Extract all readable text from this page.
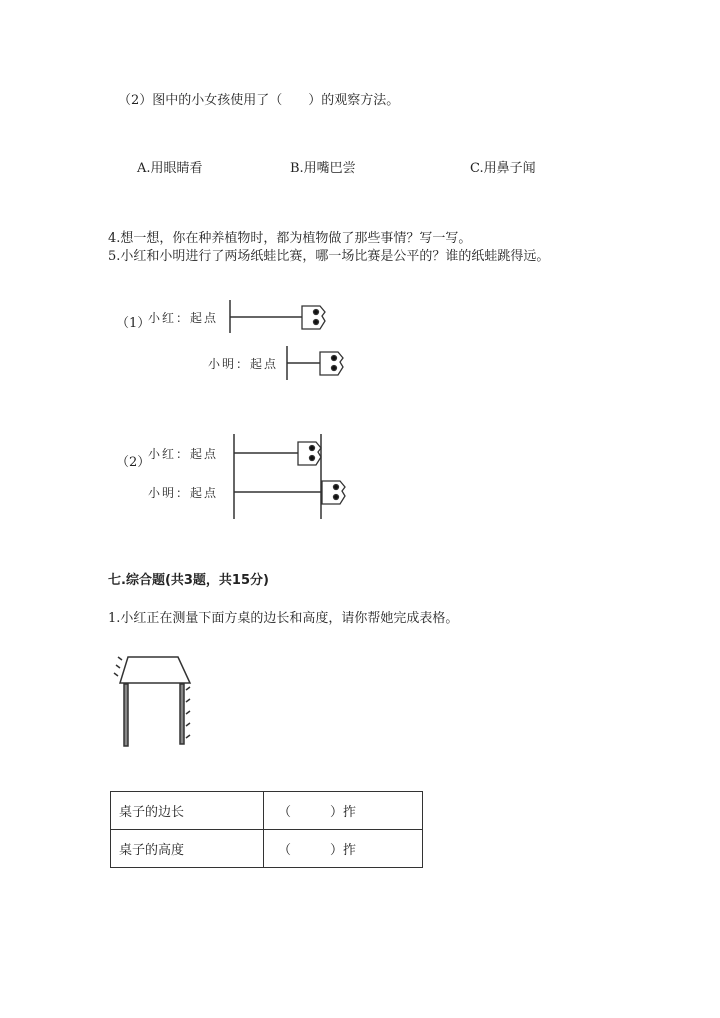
（2）图中的小女孩使用了（　　）的观察方法。
A.用眼睛看	B.用嘴巴尝	C.用鼻子闻
4.想一想，你在种养植物时，都为植物做了那些事情？写一写。
5.小红和小明进行了两场纸蛙比赛，哪一场比赛是公平的？谁的纸蛙跳得远。
（1）
小红：起点
小明：起点
（2）
小红：起点
小明：起点
七.综合题(共3题，共15分)
1.小红正在测量下面方桌的边长和高度，请你帮她完成表格。
桌子的边长	（　　　）拃
桌子的高度	（　　　）拃
